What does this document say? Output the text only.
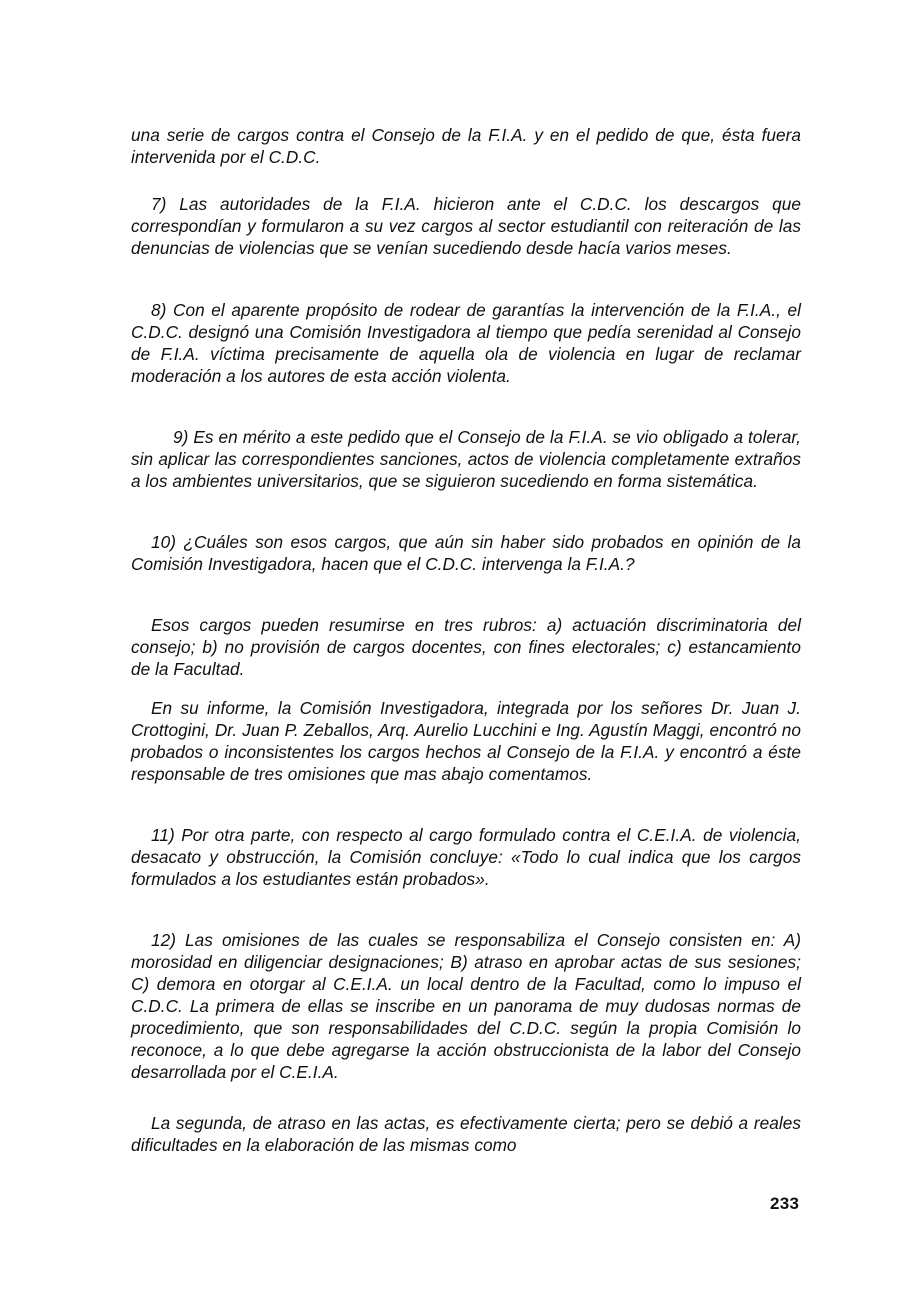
una serie de cargos contra el Consejo de la F.I.A. y en el pedido de que, ésta fuera intervenida por el C.D.C.

7) Las autoridades de la F.I.A. hicieron ante el C.D.C. los descargos que correspondían y formularon a su vez cargos al sector estudiantil con reiteración de las denuncias de violencias que se venían sucediendo desde hacía varios meses.

8) Con el aparente propósito de rodear de garantías la intervención de la F.I.A., el C.D.C. designó una Comisión Investigadora al tiempo que pedía serenidad al Consejo de F.I.A. víctima precisamente de aquella ola de violencia en lugar de reclamar moderación a los autores de esta acción violenta.

9) Es en mérito a este pedido que el Consejo de la F.I.A. se vio obligado a tolerar, sin aplicar las correspondientes sanciones, actos de violencia completamente extraños a los ambientes universitarios, que se siguieron sucediendo en forma sistemática.

10) ¿Cuáles son esos cargos, que aún sin haber sido probados en opinión de la Comisión Investigadora, hacen que el C.D.C. intervenga la F.I.A.?

Esos cargos pueden resumirse en tres rubros: a) actuación discriminatoria del consejo; b) no provisión de cargos docentes, con fines electorales; c) estancamiento de la Facultad.

En su informe, la Comisión Investigadora, integrada por los señores Dr. Juan J. Crottogini, Dr. Juan P. Zeballos, Arq. Aurelio Lucchini e Ing. Agustín Maggi, encontró no probados o inconsistentes los cargos hechos al Consejo de la F.I.A. y encontró a éste responsable de tres omisiones que mas abajo comentamos.

11) Por otra parte, con respecto al cargo formulado contra el C.E.I.A. de violencia, desacato y obstrucción, la Comisión concluye: «Todo lo cual indica que los cargos formulados a los estudiantes están probados».

12) Las omisiones de las cuales se responsabiliza el Consejo consisten en: A) morosidad en diligenciar designaciones; B) atraso en aprobar actas de sus sesiones; C) demora en otorgar al C.E.I.A. un local dentro de la Facultad, como lo impuso el C.D.C. La primera de ellas se inscribe en un panorama de muy dudosas normas de procedimiento, que son responsabilidades del C.D.C. según la propia Comisión lo reconoce, a lo que debe agregarse la acción obstruccionista de la labor del Consejo desarrollada por el C.E.I.A.

La segunda, de atraso en las actas, es efectivamente cierta; pero se debió a reales dificultades en la elaboración de las mismas como

233
